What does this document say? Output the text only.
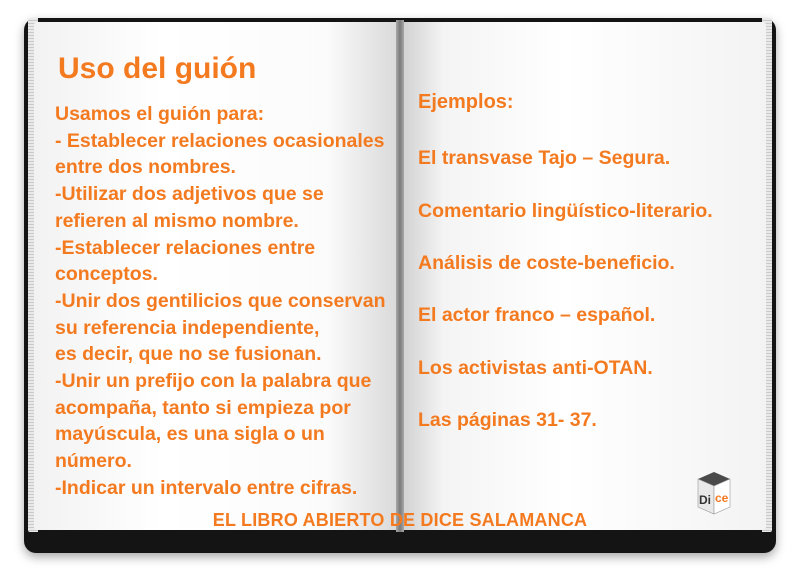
Uso del guión
Usamos el guión para:
- Establecer relaciones ocasionales
entre dos nombres.
-Utilizar dos adjetivos que se
refieren al mismo nombre.
-Establecer relaciones entre
conceptos.
-Unir dos gentilicios que conservan
su referencia independiente,
es decir, que no se fusionan.
-Unir un prefijo con la palabra que
acompaña, tanto si empieza por
mayúscula, es una sigla o un
número.
-Indicar un intervalo entre cifras.
Ejemplos:
El transvase Tajo – Segura.
Comentario lingüístico-literario.
Análisis de coste-beneficio.
El actor franco – español.
Los activistas anti-OTAN.
Las páginas 31- 37.
EL LIBRO ABIERTO DE DICE SALAMANCA
Di ce
